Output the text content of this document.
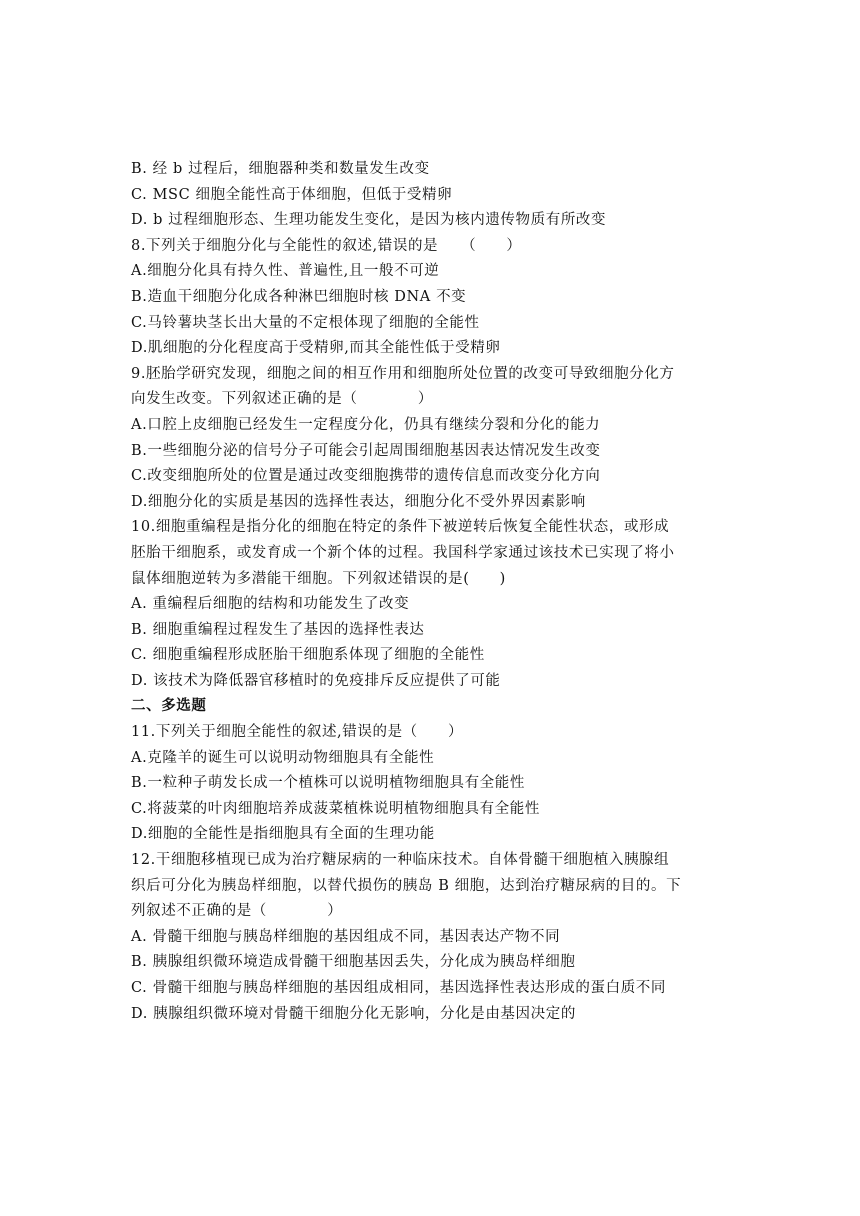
B. 经 b 过程后，细胞器种类和数量发生改变
C. MSC 细胞全能性高于体细胞，但低于受精卵
D. b 过程细胞形态、生理功能发生变化，是因为核内遗传物质有所改变
8.下列关于细胞分化与全能性的叙述,错误的是　　（　　）
A.细胞分化具有持久性、普遍性,且一般不可逆
B.造血干细胞分化成各种淋巴细胞时核 DNA 不变
C.马铃薯块茎长出大量的不定根体现了细胞的全能性
D.肌细胞的分化程度高于受精卵,而其全能性低于受精卵
9.胚胎学研究发现，细胞之间的相互作用和细胞所处位置的改变可导致细胞分化方
向发生改变。下列叙述正确的是（　　　　）
A.口腔上皮细胞已经发生一定程度分化，仍具有继续分裂和分化的能力
B.一些细胞分泌的信号分子可能会引起周围细胞基因表达情况发生改变
C.改变细胞所处的位置是通过改变细胞携带的遗传信息而改变分化方向
D.细胞分化的实质是基因的选择性表达，细胞分化不受外界因素影响
10.细胞重编程是指分化的细胞在特定的条件下被逆转后恢复全能性状态，或形成
胚胎干细胞系，或发育成一个新个体的过程。我国科学家通过该技术已实现了将小
鼠体细胞逆转为多潜能干细胞。下列叙述错误的是(　　)
A. 重编程后细胞的结构和功能发生了改变
B. 细胞重编程过程发生了基因的选择性表达
C. 细胞重编程形成胚胎干细胞系体现了细胞的全能性
D. 该技术为降低器官移植时的免疫排斥反应提供了可能
二、多选题
11.下列关于细胞全能性的叙述,错误的是（　　）
A.克隆羊的诞生可以说明动物细胞具有全能性
B.一粒种子萌发长成一个植株可以说明植物细胞具有全能性
C.将菠菜的叶肉细胞培养成菠菜植株说明植物细胞具有全能性
D.细胞的全能性是指细胞具有全面的生理功能
12.干细胞移植现已成为治疗糖尿病的一种临床技术。自体骨髓干细胞植入胰腺组
织后可分化为胰岛样细胞，以替代损伤的胰岛 B 细胞，达到治疗糖尿病的目的。下
列叙述不正确的是（　　　　）
A. 骨髓干细胞与胰岛样细胞的基因组成不同，基因表达产物不同
B. 胰腺组织微环境造成骨髓干细胞基因丢失，分化成为胰岛样细胞
C. 骨髓干细胞与胰岛样细胞的基因组成相同，基因选择性表达形成的蛋白质不同
D. 胰腺组织微环境对骨髓干细胞分化无影响，分化是由基因决定的
